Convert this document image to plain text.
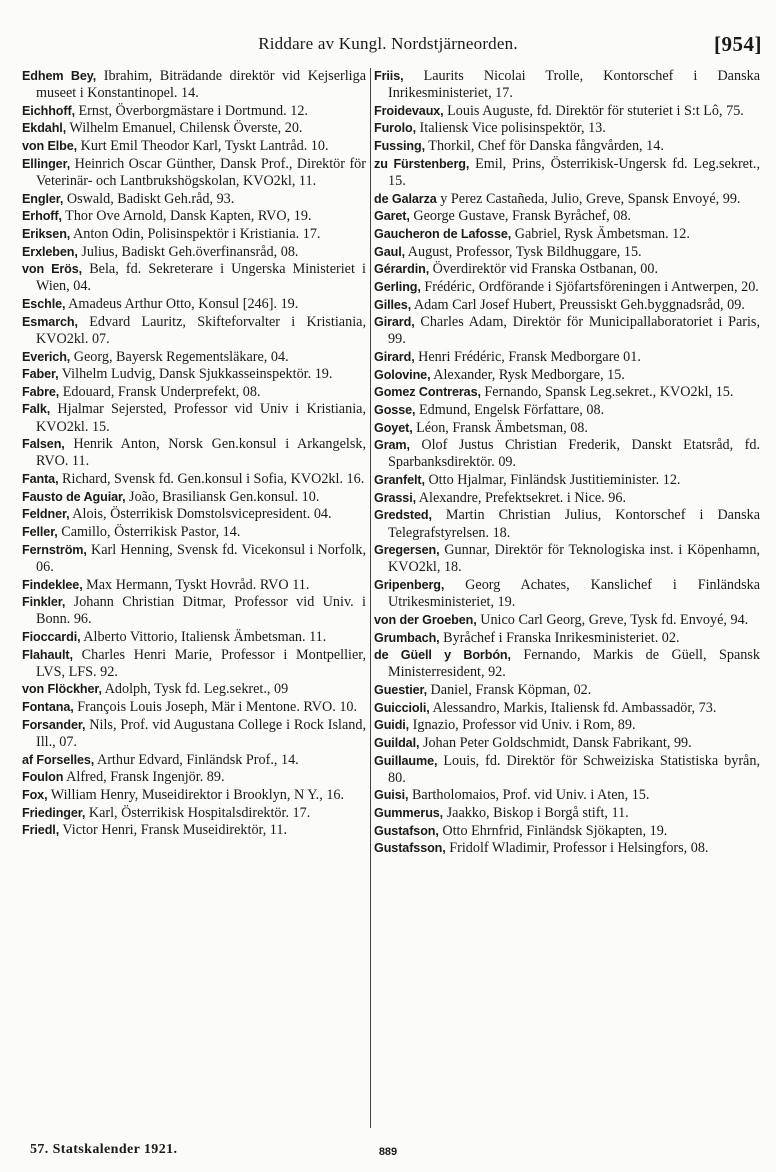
Riddare av Kungl. Nordstjärneorden.	[954]

Edhem Bey, Ibrahim, Biträdande direktör vid Kejserliga museet i Konstantinopel. 14.

Eichhoff, Ernst, Överborgmästare i Dortmund. 12.

Ekdahl, Wilhelm Emanuel, Chilensk Överste, 20.

von Elbe, Kurt Emil Theodor Karl, Tyskt Lantråd. 10.

Ellinger, Heinrich Oscar Günther, Dansk Prof., Direktör för Veterinär- och Lantbrukshögskolan, KVO2kl, 11.

Engler, Oswald, Badiskt Geh.råd, 93.

Erhoff, Thor Ove Arnold, Dansk Kapten, RVO, 19.

Eriksen, Anton Odin, Polisinspektör i Kristiania. 17.

Erxleben, Julius, Badiskt Geh.överfinansråd, 08.

von Erös, Bela, fd. Sekreterare i Ungerska Ministeriet i Wien, 04.

Eschle, Amadeus Arthur Otto, Konsul [246]. 19.

Esmarch, Edvard Lauritz, Skifteforvalter i Kristiania, KVO2kl. 07.

Everich, Georg, Bayersk Regementsläkare, 04.

Faber, Vilhelm Ludvig, Dansk Sjukkasseinspektör. 19.

Fabre, Edouard, Fransk Underprefekt, 08.

Falk, Hjalmar Sejersted, Professor vid Univ i Kristiania, KVO2kl. 15.

Falsen, Henrik Anton, Norsk Gen.konsul i Arkangelsk, RVO. 11.

Fanta, Richard, Svensk fd. Gen.konsul i Sofia, KVO2kl. 16.

Fausto de Aguiar, João, Brasiliansk Gen.konsul. 10.

Feldner, Alois, Österrikisk Domstolsvicepresident. 04.

Feller, Camillo, Österrikisk Pastor, 14.

Fernström, Karl Henning, Svensk fd. Vicekonsul i Norfolk, 06.

Findeklee, Max Hermann, Tyskt Hovråd. RVO 11.

Finkler, Johann Christian Ditmar, Professor vid Univ. i Bonn. 96.

Fioccardi, Alberto Vittorio, Italiensk Ämbetsman. 11.

Flahault, Charles Henri Marie, Professor i Montpellier, LVS, LFS. 92.

von Flöckher, Adolph, Tysk fd. Leg.sekret., 09

Fontana, François Louis Joseph, Mär i Mentone. RVO. 10.

Forsander, Nils, Prof. vid Augustana College i Rock Island, Ill., 07.

af Forselles, Arthur Edvard, Finländsk Prof., 14.

Foulon Alfred, Fransk Ingenjör. 89.

Fox, William Henry, Museidirektor i Brooklyn, N Y., 16.

Friedinger, Karl, Österrikisk Hospitalsdirektör. 17.

Friedl, Victor Henri, Fransk Museidirektör, 11.

Friis, Laurits Nicolai Trolle, Kontorschef i Danska Inrikesministeriet, 17.

Froidevaux, Louis Auguste, fd. Direktör för stuteriet i S:t Lô, 75.

Furolo, Italiensk Vice polisinspektör, 13.

Fussing, Thorkil, Chef för Danska fångvården, 14.

zu Fürstenberg, Emil, Prins, Österrikisk-Ungersk fd. Leg.sekret., 15.

de Galarza y Perez Castañeda, Julio, Greve, Spansk Envoyé, 99.

Garet, George Gustave, Fransk Byråchef, 08.

Gaucheron de Lafosse, Gabriel, Rysk Ämbetsman. 12.

Gaul, August, Professor, Tysk Bildhuggare, 15.

Gérardin, Överdirektör vid Franska Ostbanan, 00.

Gerling, Frédéric, Ordförande i Sjöfartsföreningen i Antwerpen, 20.

Gilles, Adam Carl Josef Hubert, Preussiskt Geh.byggnadsråd, 09.

Girard, Charles Adam, Direktör för Municipallaboratoriet i Paris, 99.

Girard, Henri Frédéric, Fransk Medborgare 01.

Golovine, Alexander, Rysk Medborgare, 15.

Gomez Contreras, Fernando, Spansk Leg.sekret., KVO2kl, 15.

Gosse, Edmund, Engelsk Författare, 08.

Goyet, Léon, Fransk Ämbetsman, 08.

Gram, Olof Justus Christian Frederik, Danskt Etatsråd, fd. Sparbanksdirektör. 09.

Granfelt, Otto Hjalmar, Finländsk Justitieminister. 12.

Grassi, Alexandre, Prefektsekret. i Nice. 96.

Gredsted, Martin Christian Julius, Kontorschef i Danska Telegrafstyrelsen. 18.

Gregersen, Gunnar, Direktör för Teknologiska inst. i Köpenhamn, KVO2kl, 18.

Gripenberg, Georg Achates, Kanslichef i Finländska Utrikesministeriet, 19.

von der Groeben, Unico Carl Georg, Greve, Tysk fd. Envoyé, 94.

Grumbach, Byråchef i Franska Inrikesministeriet. 02.

de Güell y Borbón, Fernando, Markis de Güell, Spansk Ministerresident, 92.

Guestier, Daniel, Fransk Köpman, 02.

Guiccioli, Alessandro, Markis, Italiensk fd. Ambassadör, 73.

Guidi, Ignazio, Professor vid Univ. i Rom, 89.

Guildal, Johan Peter Goldschmidt, Dansk Fabrikant, 99.

Guillaume, Louis, fd. Direktör för Schweiziska Statistiska byrån, 80.

Guisi, Bartholomaios, Prof. vid Univ. i Aten, 15.

Gummerus, Jaakko, Biskop i Borgå stift, 11.

Gustafson, Otto Ehrnfrid, Finländsk Sjökapten, 19.

Gustafsson, Fridolf Wladimir, Professor i Helsingfors, 08.

57. Statskalender 1921.	889
